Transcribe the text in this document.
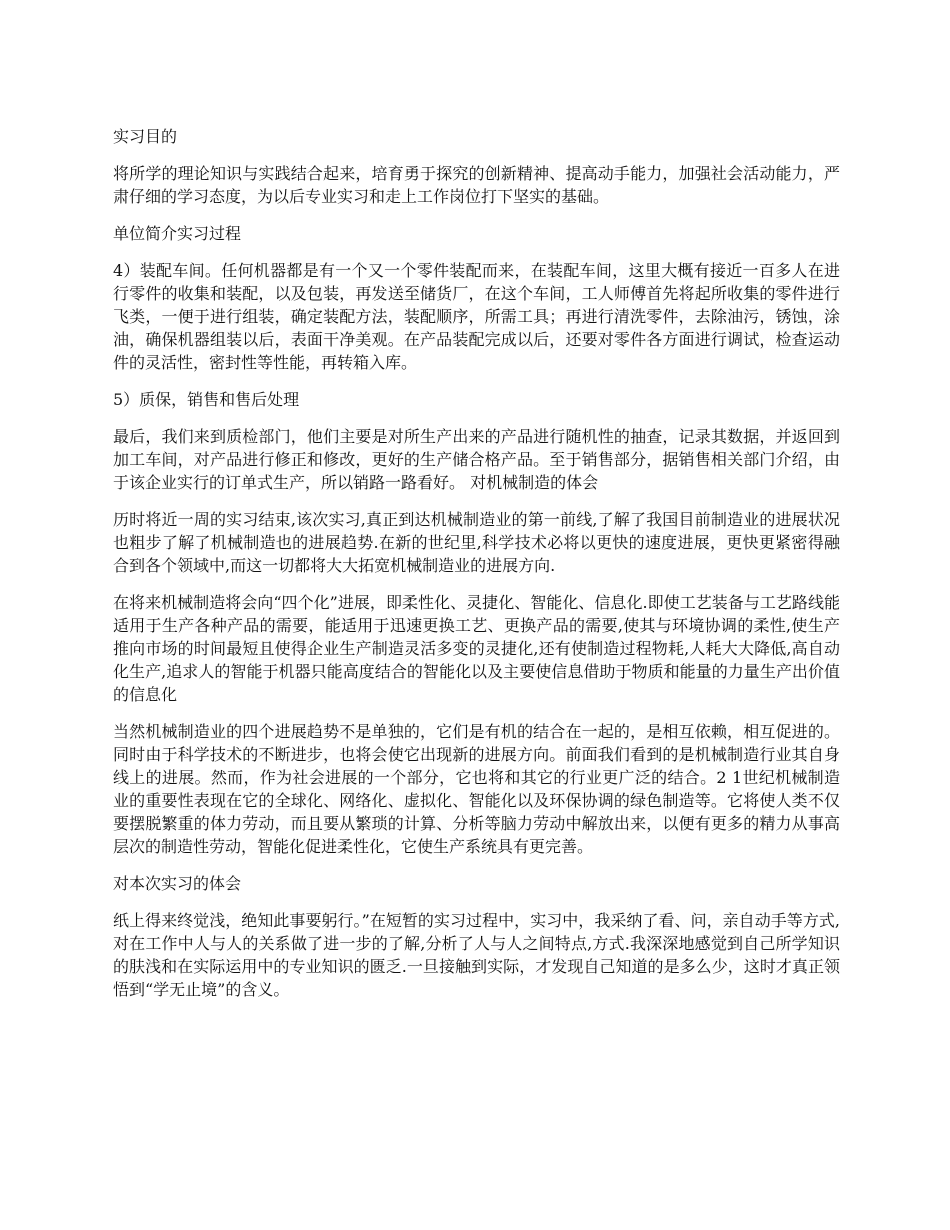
实习目的
将所学的理论知识与实践结合起来，培育勇于探究的创新精神、提高动手能力，加强社会活动能力，严肃仔细的学习态度，为以后专业实习和走上工作岗位打下坚实的基础。
单位简介实习过程
4）装配车间。任何机器都是有一个又一个零件装配而来，在装配车间，这里大概有接近一百多人在进行零件的收集和装配，以及包装，再发送至储货厂，在这个车间，工人师傅首先将起所收集的零件进行飞类，一便于进行组装，确定装配方法，装配顺序，所需工具；再进行清洗零件，去除油污，锈蚀，涂油，确保机器组装以后，表面干净美观。在产品装配完成以后，还要对零件各方面进行调试，检查运动件的灵活性，密封性等性能，再转箱入库。
5）质保，销售和售后处理
最后，我们来到质检部门，他们主要是对所生产出来的产品进行随机性的抽查，记录其数据，并返回到加工车间，对产品进行修正和修改，更好的生产储合格产品。至于销售部分，据销售相关部门介绍，由于该企业实行的订单式生产，所以销路一路看好。 对机械制造的体会
历时将近一周的实习结束,该次实习,真正到达机械制造业的第一前线,了解了我国目前制造业的进展状况也粗步了解了机械制造也的进展趋势.在新的世纪里,科学技术必将以更快的速度进展，更快更紧密得融合到各个领域中,而这一切都将大大拓宽机械制造业的进展方向.
在将来机械制造将会向“四个化”进展，即柔性化、灵捷化、智能化、信息化.即使工艺装备与工艺路线能适用于生产各种产品的需要，能适用于迅速更换工艺、更换产品的需要,使其与环境协调的柔性,使生产推向市场的时间最短且使得企业生产制造灵活多变的灵捷化,还有使制造过程物耗,人耗大大降低,高自动化生产,追求人的智能于机器只能高度结合的智能化以及主要使信息借助于物质和能量的力量生产出价值的信息化
当然机械制造业的四个进展趋势不是单独的，它们是有机的结合在一起的，是相互依赖，相互促进的。同时由于科学技术的不断进步，也将会使它出现新的进展方向。前面我们看到的是机械制造行业其自身线上的进展。然而，作为社会进展的一个部分，它也将和其它的行业更广泛的结合。2 1世纪机械制造业的重要性表现在它的全球化、网络化、虚拟化、智能化以及环保协调的绿色制造等。它将使人类不仅要摆脱繁重的体力劳动，而且要从繁琐的计算、分析等脑力劳动中解放出来，以便有更多的精力从事高层次的制造性劳动，智能化促进柔性化，它使生产系统具有更完善。
对本次实习的体会
纸上得来终觉浅，绝知此事要躬行。”在短暂的实习过程中，实习中，我采纳了看、问，亲自动手等方式,对在工作中人与人的关系做了进一步的了解,分析了人与人之间特点,方式.我深深地感觉到自己所学知识的肤浅和在实际运用中的专业知识的匮乏.一旦接触到实际，才发现自己知道的是多么少，这时才真正领悟到“学无止境”的含义。
